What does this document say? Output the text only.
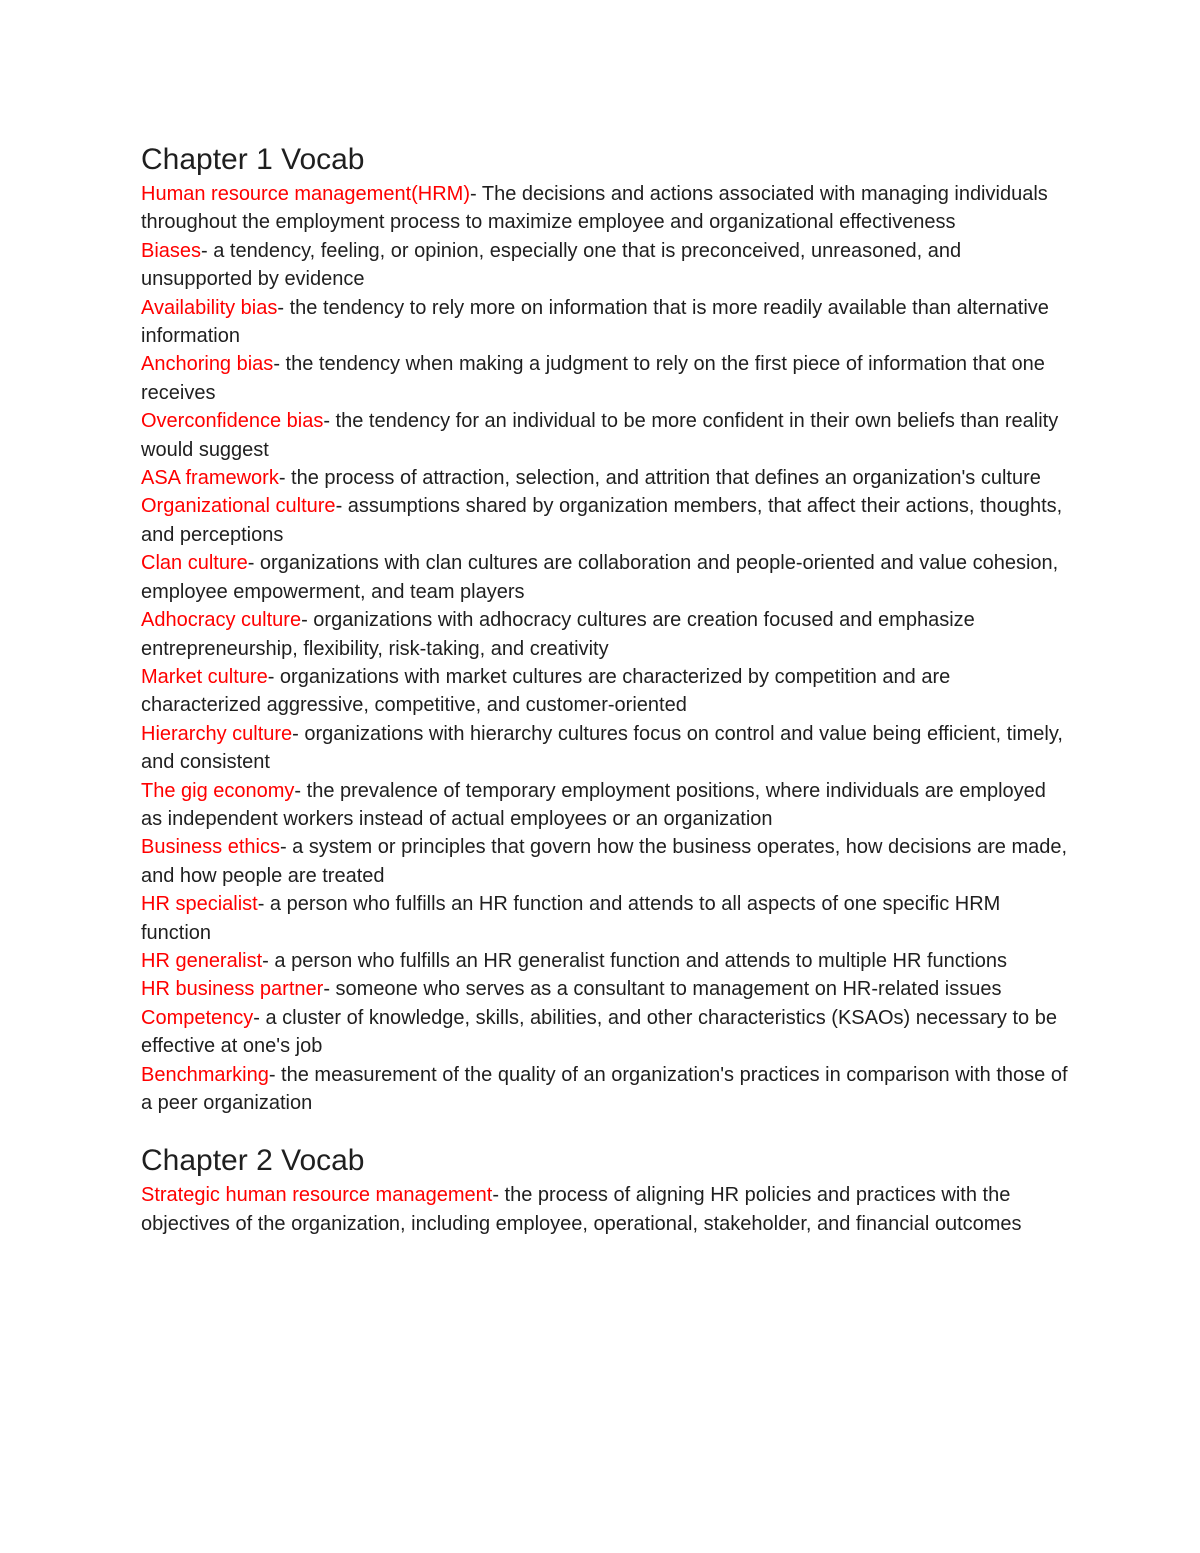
Chapter 1 Vocab

Human resource management(HRM)- The decisions and actions associated with managing individuals throughout the employment process to maximize employee and organizational effectiveness

Biases- a tendency, feeling, or opinion, especially one that is preconceived, unreasoned, and unsupported by evidence

Availability bias- the tendency to rely more on information that is more readily available than alternative information

Anchoring bias- the tendency when making a judgment to rely on the first piece of information that one receives

Overconfidence bias- the tendency for an individual to be more confident in their own beliefs than reality would suggest

ASA framework- the process of attraction, selection, and attrition that defines an organization's culture

Organizational culture- assumptions shared by organization members, that affect their actions, thoughts, and perceptions

Clan culture- organizations with clan cultures are collaboration and people-oriented and value cohesion, employee empowerment, and team players

Adhocracy culture- organizations with adhocracy cultures are creation focused and emphasize entrepreneurship, flexibility, risk-taking, and creativity

Market culture- organizations with market cultures are characterized by competition and are characterized aggressive, competitive, and customer-oriented

Hierarchy culture- organizations with hierarchy cultures focus on control and value being efficient, timely, and consistent

The gig economy- the prevalence of temporary employment positions, where individuals are employed as independent workers instead of actual employees or an organization

Business ethics- a system or principles that govern how the business operates, how decisions are made, and how people are treated

HR specialist- a person who fulfills an HR function and attends to all aspects of one specific HRM function

HR generalist- a person who fulfills an HR generalist function and attends to multiple HR functions

HR business partner- someone who serves as a consultant to management on HR-related issues

Competency- a cluster of knowledge, skills, abilities, and other characteristics (KSAOs) necessary to be effective at one's job

Benchmarking- the measurement of the quality of an organization's practices in comparison with those of a peer organization

Chapter 2 Vocab

Strategic human resource management- the process of aligning HR policies and practices with the objectives of the organization, including employee, operational, stakeholder, and financial outcomes
